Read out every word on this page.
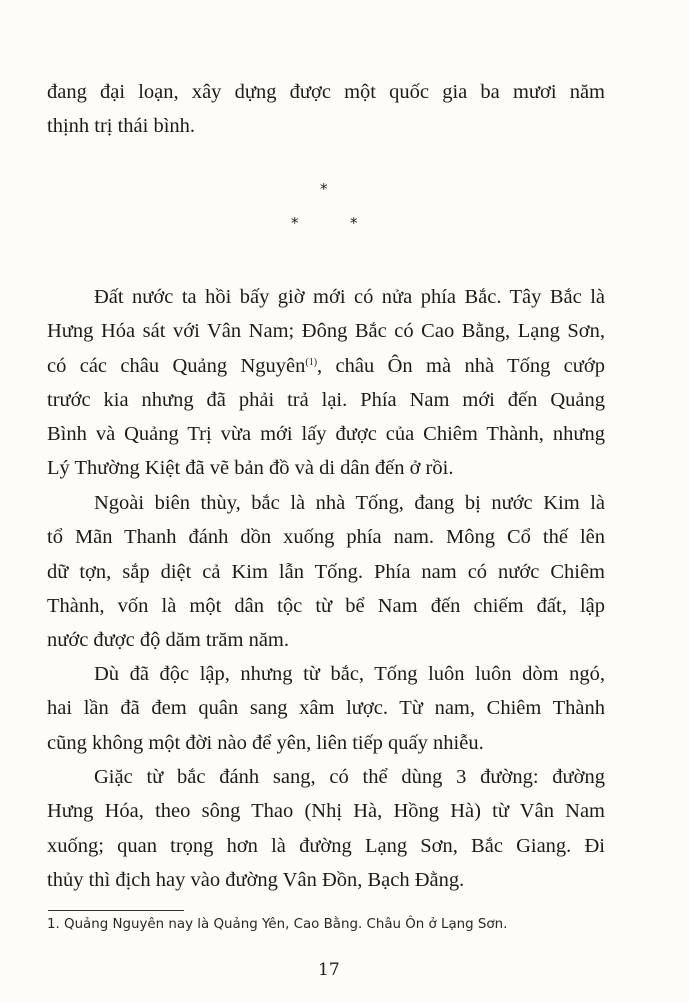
đang đại loạn, xây dựng được một quốc gia ba mươi năm
thịnh trị thái bình.
*
*	*
Đất nước ta hồi bấy giờ mới có nửa phía Bắc. Tây Bắc là
Hưng Hóa sát với Vân Nam; Đông Bắc có Cao Bằng, Lạng Sơn,
có các châu Quảng Nguyên$^{(1)}$, châu Ôn mà nhà Tống cướp
trước kia nhưng đã phải trả lại. Phía Nam mới đến Quảng
Bình và Quảng Trị vừa mới lấy được của Chiêm Thành, nhưng
Lý Thường Kiệt đã vẽ bản đồ và di dân đến ở rồi.
Ngoài biên thùy, bắc là nhà Tống, đang bị nước Kim là
tổ Mãn Thanh đánh dồn xuống phía nam. Mông Cổ thế lên
dữ tợn, sắp diệt cả Kim lẫn Tống. Phía nam có nước Chiêm
Thành, vốn là một dân tộc từ bể Nam đến chiếm đất, lập
nước được độ dăm trăm năm.
Dù đã độc lập, nhưng từ bắc, Tống luôn luôn dòm ngó,
hai lần đã đem quân sang xâm lược. Từ nam, Chiêm Thành
cũng không một đời nào để yên, liên tiếp quấy nhiễu.
Giặc từ bắc đánh sang, có thể dùng 3 đường: đường
Hưng Hóa, theo sông Thao (Nhị Hà, Hồng Hà) từ Vân Nam
xuống; quan trọng hơn là đường Lạng Sơn, Bắc Giang. Đi
thủy thì địch hay vào đường Vân Đồn, Bạch Đằng.
1. Quảng Nguyên nay là Quảng Yên, Cao Bằng. Châu Ôn ở Lạng Sơn.
17
